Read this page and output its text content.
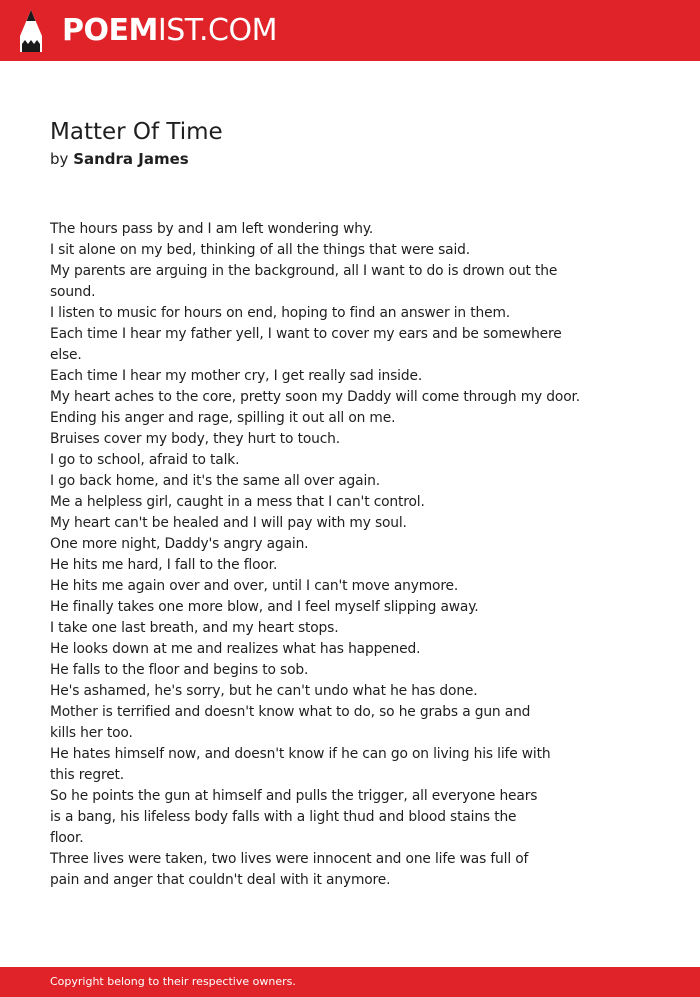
POEMIST.COM
Matter Of Time
by Sandra James
The hours pass by and I am left wondering why.
I sit alone on my bed, thinking of all the things that were said.
My parents are arguing in the background, all I want to do is drown out the
sound.
I listen to music for hours on end, hoping to find an answer in them.
Each time I hear my father yell, I want to cover my ears and be somewhere
else.
Each time I hear my mother cry, I get really sad inside.
My heart aches to the core, pretty soon my Daddy will come through my door.
Ending his anger and rage, spilling it out all on me.
Bruises cover my body, they hurt to touch.
I go to school, afraid to talk.
I go back home, and it's the same all over again.
Me a helpless girl, caught in a mess that I can't control.
My heart can't be healed and I will pay with my soul.
One more night, Daddy's angry again.
He hits me hard, I fall to the floor.
He hits me again over and over, until I can't move anymore.
He finally takes one more blow, and I feel myself slipping away.
I take one last breath, and my heart stops.
He looks down at me and realizes what has happened.
He falls to the floor and begins to sob.
He's ashamed, he's sorry, but he can't undo what he has done.
Mother is terrified and doesn't know what to do, so he grabs a gun and
kills her too.
He hates himself now, and doesn't know if he can go on living his life with
this regret.
So he points the gun at himself and pulls the trigger, all everyone hears
is a bang, his lifeless body falls with a light thud and blood stains the
floor.
Three lives were taken, two lives were innocent and one life was full of
pain and anger that couldn't deal with it anymore.
Copyright belong to their respective owners.
